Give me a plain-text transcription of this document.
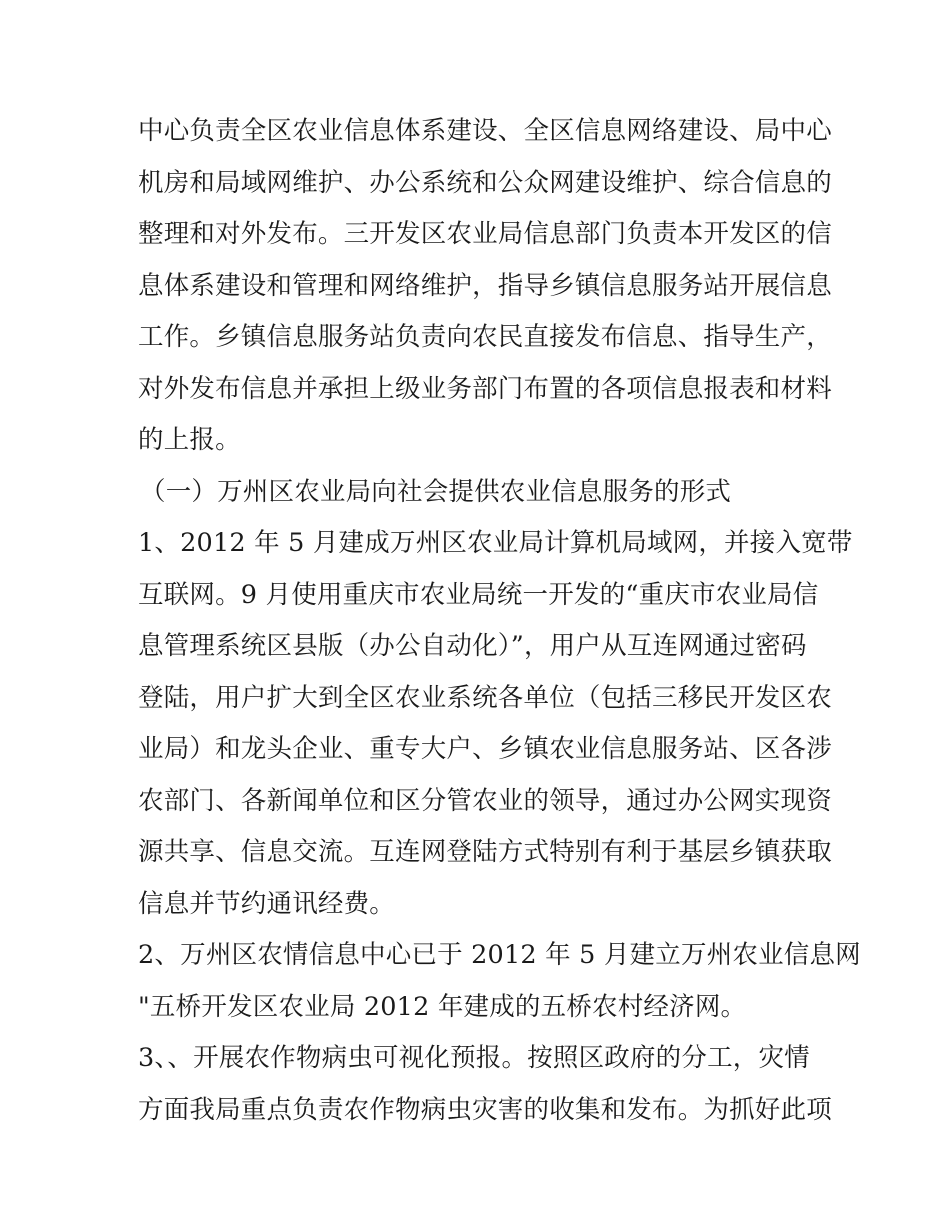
中心负责全区农业信息体系建设、全区信息网络建设、局中心
机房和局域网维护、办公系统和公众网建设维护、综合信息的
整理和对外发布。三开发区农业局信息部门负责本开发区的信
息体系建设和管理和网络维护，指导乡镇信息服务站开展信息
工作。乡镇信息服务站负责向农民直接发布信息、指导生产，
对外发布信息并承担上级业务部门布置的各项信息报表和材料
的上报。
（一）万州区农业局向社会提供农业信息服务的形式
1、2012 年 5 月建成万州区农业局计算机局域网，并接入宽带
互联网。9 月使用重庆市农业局统一开发的“重庆市农业局信
息管理系统区县版（办公自动化）”，用户从互连网通过密码
登陆，用户扩大到全区农业系统各单位（包括三移民开发区农
业局）和龙头企业、重专大户、乡镇农业信息服务站、区各涉
农部门、各新闻单位和区分管农业的领导，通过办公网实现资
源共享、信息交流。互连网登陆方式特别有利于基层乡镇获取
信息并节约通讯经费。
2、万州区农情信息中心已于 2012 年 5 月建立万州农业信息网
"五桥开发区农业局 2012 年建成的五桥农村经济网。
3、、开展农作物病虫可视化预报。按照区政府的分工，灾情
方面我局重点负责农作物病虫灾害的收集和发布。为抓好此项
